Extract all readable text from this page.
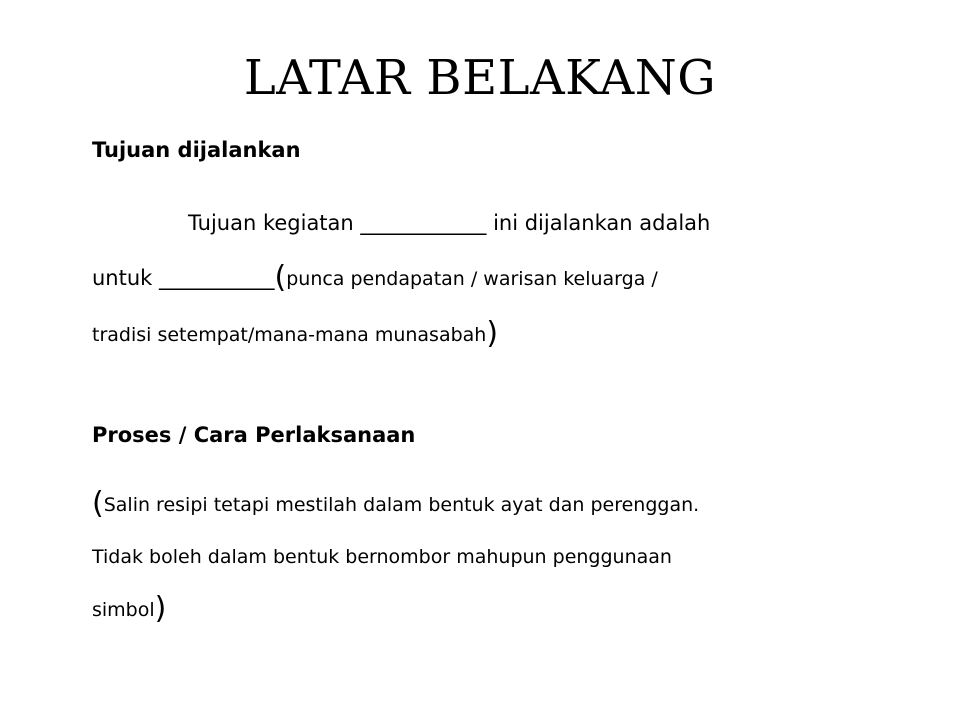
LATAR BELAKANG
Tujuan dijalankan
Tujuan kegiatan ____________ ini dijalankan adalah
untuk ___________(punca pendapatan / warisan keluarga /
tradisi setempat/mana-mana munasabah)
Proses / Cara Perlaksanaan
(Salin resipi tetapi mestilah dalam bentuk ayat dan perenggan.
Tidak boleh dalam bentuk bernombor mahupun penggunaan
simbol)
